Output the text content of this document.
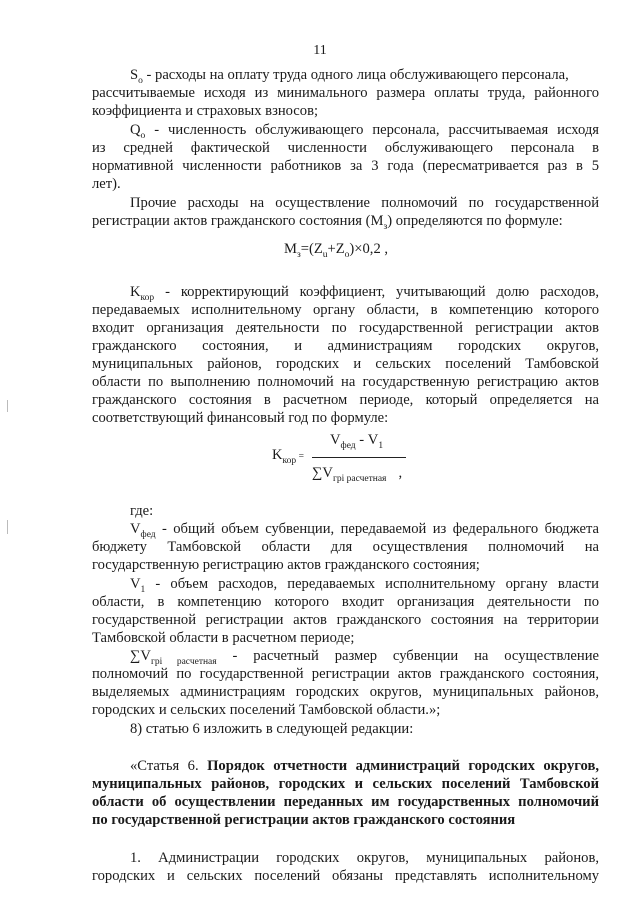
11
$S_o$ - расходы на оплату труда одного лица обслуживающего персонала,
рассчитываемые исходя из минимального размера оплаты труда, районного
коэффициента и страховых взносов;
$Q_o$ - численность обслуживающего персонала, рассчитываемая исходя
из средней фактической численности обслуживающего персонала в
нормативной численности работников за 3 года (пересматривается раз в 5
лет).
Прочие расходы на осуществление полномочий по государственной
регистрации актов гражданского состояния $(M_з)$ определяются по формуле:
$M_з=(Z_u+Z_o)\times 0,2$ ,
$K_{кор}$ - корректирующий коэффициент, учитывающий долю расходов,
передаваемых исполнительному органу области, в компетенцию которого
входит организация деятельности по государственной регистрации актов
гражданского состояния, и администрациям городских округов,
муниципальных районов, городских и сельских поселений Тамбовской
области по выполнению полномочий на государственную регистрацию актов
гражданского состояния в расчетном периоде, который определяется на
соответствующий финансовый год по формуле:
$K_{кор}$ =
$V_{фед} - V_1$
$\sum V_{грі расчетная}$ ,
где:
$V_{фед}$ - общий объем субвенции, передаваемой из федерального бюджета
бюджету Тамбовской области для осуществления полномочий на
государственную регистрацию актов гражданского состояния;
$V_1$ - объем расходов, передаваемых исполнительному органу власти
области, в компетенцию которого входит организация деятельности по
государственной регистрации актов гражданского состояния на территории
Тамбовской области в расчетном периоде;
$\sum V_{грі расчетная}$ - расчетный размер субвенции на осуществление
полномочий по государственной регистрации актов гражданского состояния,
выделяемых администрациям городских округов, муниципальных районов,
городских и сельских поселений Тамбовской области.»;
8) статью 6 изложить в следующей редакции:
«Статья 6. Порядок отчетности администраций городских округов,
муниципальных районов, городских и сельских поселений Тамбовской
области об осуществлении переданных им государственных полномочий
по государственной регистрации актов гражданского состояния
1. Администрации городских округов, муниципальных районов,
городских и сельских поселений обязаны представлять исполнительному
